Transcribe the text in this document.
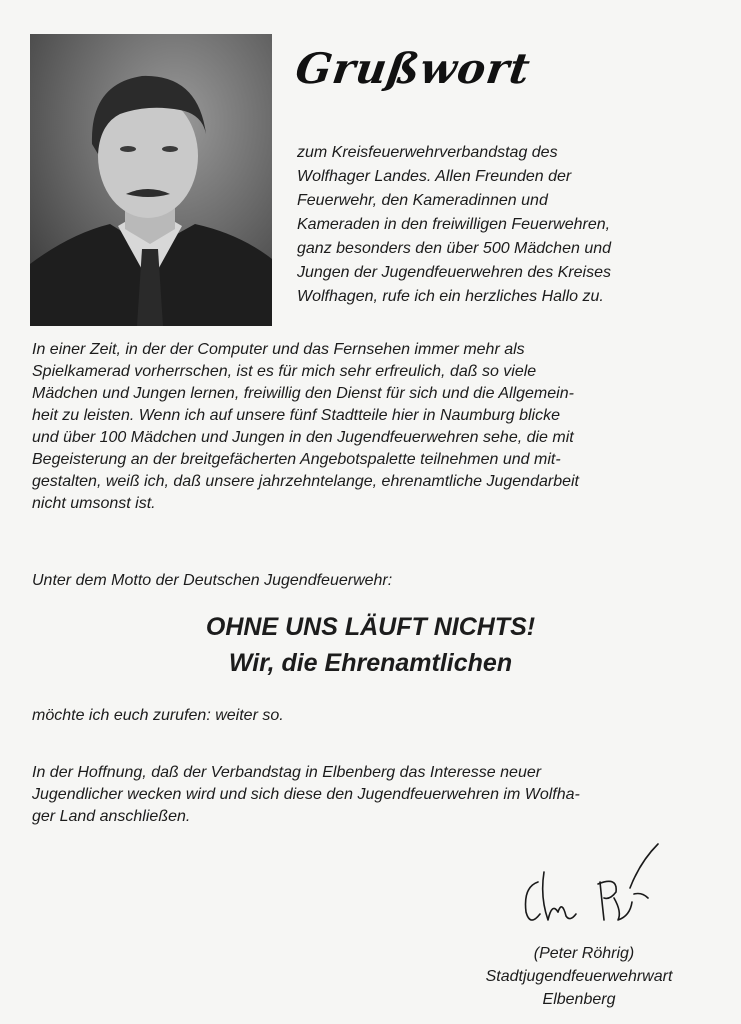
Grußwort
zum Kreisfeuerwehrverbandstag des
Wolfhager Landes. Allen Freunden der
Feuerwehr, den Kameradinnen und
Kameraden in den freiwilligen Feuerwehren,
ganz besonders den über 500 Mädchen und
Jungen der Jugendfeuerwehren des Kreises
Wolfhagen, rufe ich ein herzliches Hallo zu.
In einer Zeit, in der der Computer und das Fernsehen immer mehr als
Spielkamerad vorherrschen, ist es für mich sehr erfreulich, daß so viele
Mädchen und Jungen lernen, freiwillig den Dienst für sich und die Allgemein-
heit zu leisten. Wenn ich auf unsere fünf Stadtteile hier in Naumburg blicke
und über 100 Mädchen und Jungen in den Jugendfeuerwehren sehe, die mit
Begeisterung an der breitgefächerten Angebotspalette teilnehmen und mit-
gestalten, weiß ich, daß unsere jahrzehntelange, ehrenamtliche Jugendarbeit
nicht umsonst ist.
Unter dem Motto der Deutschen Jugendfeuerwehr:
OHNE UNS LÄUFT NICHTS!
Wir, die Ehrenamtlichen
möchte ich euch zurufen: weiter so.
In der Hoffnung, daß der Verbandstag in Elbenberg das Interesse neuer
Jugendlicher wecken wird und sich diese den Jugendfeuerwehren im Wolfha-
ger Land anschließen.
(Peter Röhrig)
Stadtjugendfeuerwehrwart
Elbenberg
